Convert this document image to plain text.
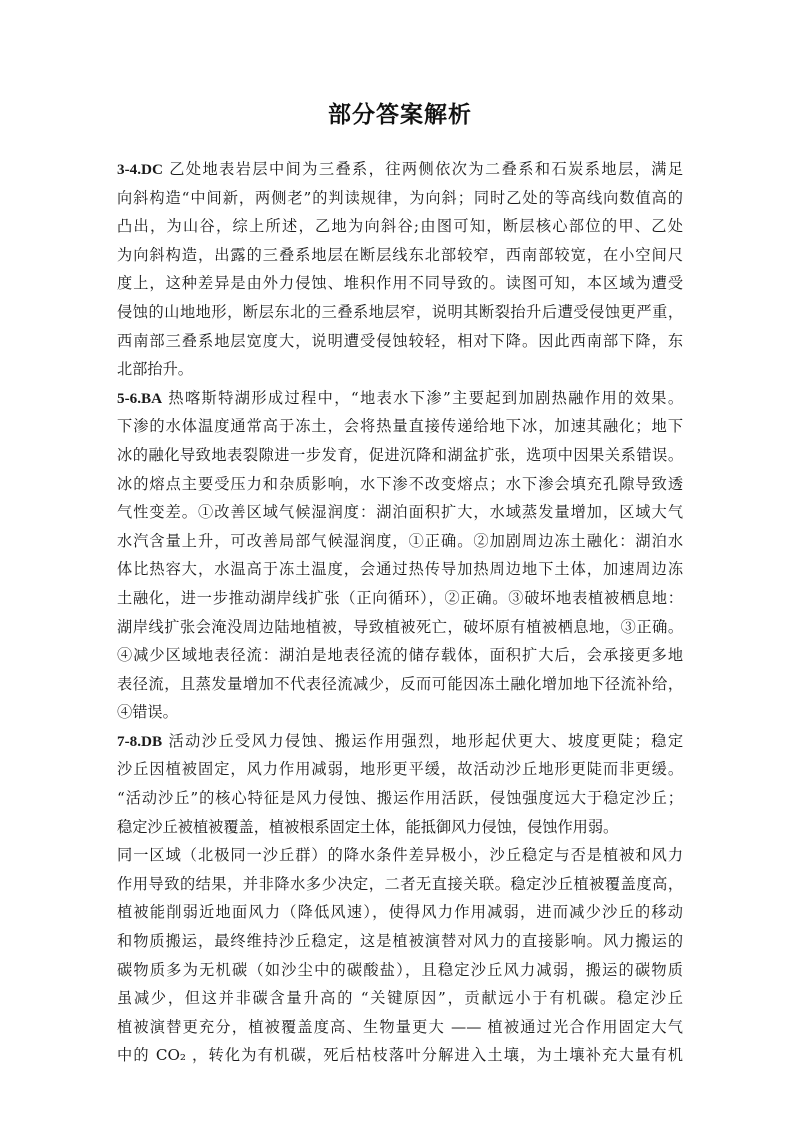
部分答案解析
3-4.DC 乙处地表岩层中间为三叠系，往两侧依次为二叠系和石炭系地层，满足
向斜构造“中间新，两侧老”的判读规律，为向斜；同时乙处的等高线向数值高的
凸出，为山谷，综上所述，乙地为向斜谷;由图可知，断层核心部位的甲、乙处
为向斜构造，出露的三叠系地层在断层线东北部较窄，西南部较宽，在小空间尺
度上，这种差异是由外力侵蚀、堆积作用不同导致的。读图可知，本区域为遭受
侵蚀的山地地形，断层东北的三叠系地层窄，说明其断裂抬升后遭受侵蚀更严重，
西南部三叠系地层宽度大，说明遭受侵蚀较轻，相对下降。因此西南部下降，东
北部抬升。
5-6.BA 热喀斯特湖形成过程中，“地表水下渗”主要起到加剧热融作用的效果。
下渗的水体温度通常高于冻土，会将热量直接传递给地下冰，加速其融化；地下
冰的融化导致地表裂隙进一步发育，促进沉降和湖盆扩张，选项中因果关系错误。
冰的熔点主要受压力和杂质影响，水下渗不改变熔点；水下渗会填充孔隙导致透
气性变差。①改善区域气候湿润度：湖泊面积扩大，水域蒸发量增加，区域大气
水汽含量上升，可改善局部气候湿润度，①正确。②加剧周边冻土融化：湖泊水
体比热容大，水温高于冻土温度，会通过热传导加热周边地下土体，加速周边冻
土融化，进一步推动湖岸线扩张（正向循环），②正确。③破坏地表植被栖息地：
湖岸线扩张会淹没周边陆地植被，导致植被死亡，破坏原有植被栖息地，③正确。
④减少区域地表径流：湖泊是地表径流的储存载体，面积扩大后，会承接更多地
表径流，且蒸发量增加不代表径流减少，反而可能因冻土融化增加地下径流补给，
④错误。
7-8.DB 活动沙丘受风力侵蚀、搬运作用强烈，地形起伏更大、坡度更陡；稳定
沙丘因植被固定，风力作用减弱，地形更平缓，故活动沙丘地形更陡而非更缓。
“活动沙丘”的核心特征是风力侵蚀、搬运作用活跃，侵蚀强度远大于稳定沙丘；
稳定沙丘被植被覆盖，植被根系固定土体，能抵御风力侵蚀，侵蚀作用弱。
同一区域（北极同一沙丘群）的降水条件差异极小，沙丘稳定与否是植被和风力
作用导致的结果，并非降水多少决定，二者无直接关联。稳定沙丘植被覆盖度高，
植被能削弱近地面风力（降低风速），使得风力作用减弱，进而减少沙丘的移动
和物质搬运，最终维持沙丘稳定，这是植被演替对风力的直接影响。风力搬运的
碳物质多为无机碳（如沙尘中的碳酸盐），且稳定沙丘风力减弱，搬运的碳物质
虽减少，但这并非碳含量升高的 “关键原因”，贡献远小于有机碳。稳定沙丘
植被演替更充分，植被覆盖度高、生物量更大 —— 植被通过光合作用固定大气
中的 CO₂ ，转化为有机碳，死后枯枝落叶分解进入土壤，为土壤补充大量有机
